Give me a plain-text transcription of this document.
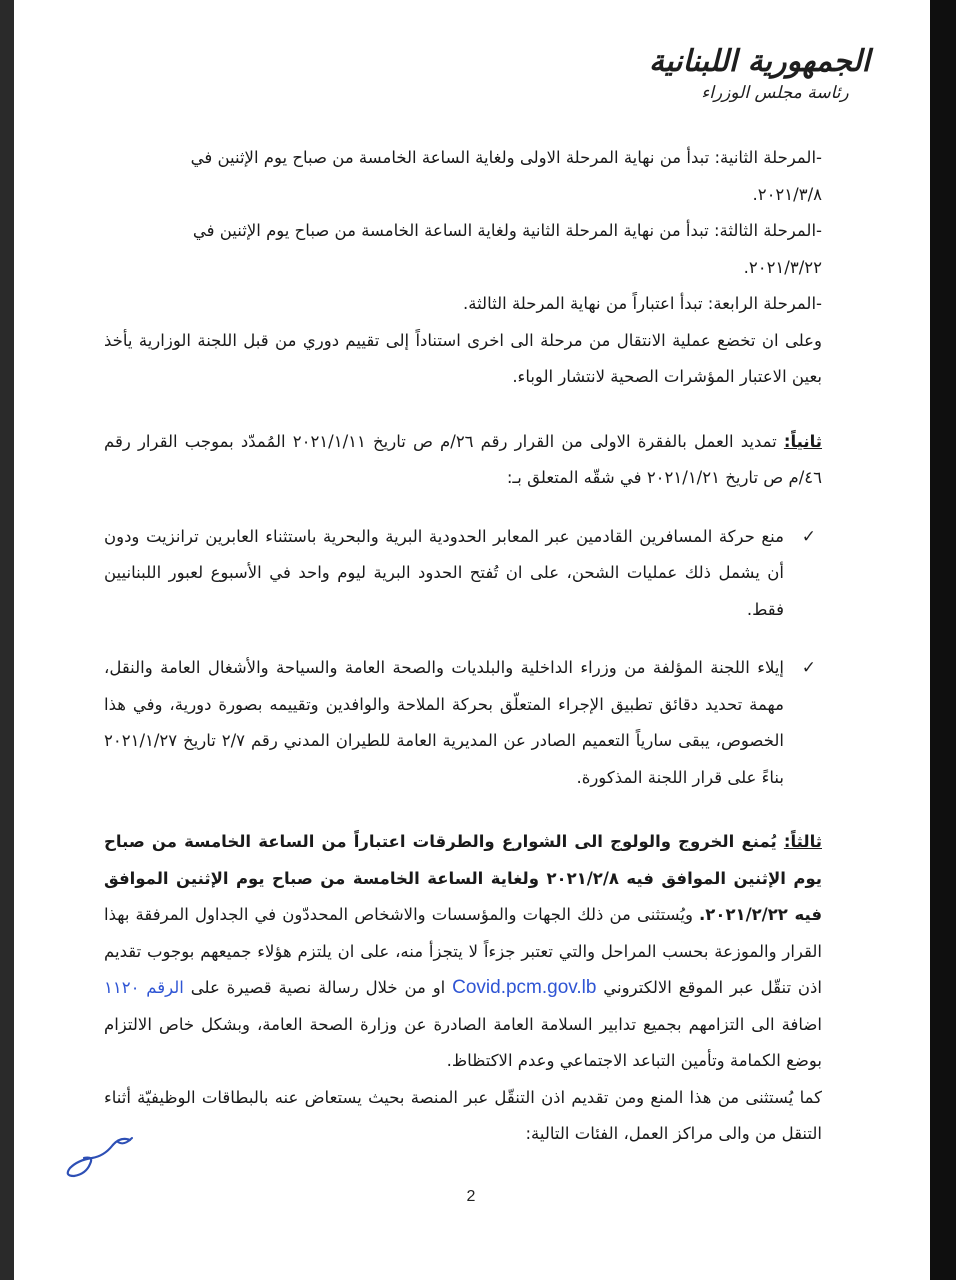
الجمهورية اللبنانية
رئاسة مجلس الوزراء

-المرحلة الثانية: تبدأ من نهاية المرحلة الاولى ولغاية الساعة الخامسة من صباح يوم الإثنين في

٢٠٢١/٣/٨.

-المرحلة الثالثة: تبدأ من نهاية المرحلة الثانية ولغاية الساعة الخامسة من صباح يوم الإثنين في

٢٠٢١/٣/٢٢.

-المرحلة الرابعة: تبدأ اعتباراً من نهاية المرحلة الثالثة.

وعلى ان تخضع عملية الانتقال من مرحلة الى اخرى استناداً إلى تقييم دوري من قبل اللجنة الوزارية يأخذ بعين الاعتبار المؤشرات الصحية لانتشار الوباء.

ثانياً: تمديد العمل بالفقرة الاولى من القرار رقم ٢٦/م ص تاريخ ٢٠٢١/١/١١ المُمدّد بموجب القرار رقم ٤٦/م ص تاريخ ٢٠٢١/١/٢١ في شقّه المتعلق بـ:

✓
منع حركة المسافرين القادمين عبر المعابر الحدودية البرية والبحرية باستثناء العابرين ترانزيت ودون أن يشمل ذلك عمليات الشحن، على ان تُفتح الحدود البرية ليوم واحد في الأسبوع لعبور اللبنانيين فقط.

✓
إيلاء اللجنة المؤلفة من وزراء الداخلية والبلديات والصحة العامة والسياحة والأشغال العامة والنقل، مهمة تحديد دقائق تطبيق الإجراء المتعلّق بحركة الملاحة والوافدين وتقييمه بصورة دورية، وفي هذا الخصوص، يبقى سارياً التعميم الصادر عن المديرية العامة للطيران المدني رقم ٢/٧ تاريخ ٢٠٢١/١/٢٧ بناءً على قرار اللجنة المذكورة.

ثالثاً: يُمنع الخروج والولوج الى الشوارع والطرقات اعتباراً من الساعة الخامسة من صباح يوم الإثنين الموافق فيه ٢٠٢١/٢/٨ ولغاية الساعة الخامسة من صباح يوم الإثنين الموافق فيه ٢٠٢١/٢/٢٢. ويُستثنى من ذلك الجهات والمؤسسات والاشخاص المحددّون في الجداول المرفقة بهذا القرار والموزعة بحسب المراحل والتي تعتبر جزءاً لا يتجزأ منه، على ان يلتزم هؤلاء جميعهم بوجوب تقديم اذن تنقّل عبر الموقع الالكتروني Covid.pcm.gov.lb او من خلال رسالة نصية قصيرة على الرقم ١١٢٠ اضافة الى التزامهم بجميع تدابير السلامة العامة الصادرة عن وزارة الصحة العامة، وبشكل خاص الالتزام بوضع الكمامة وتأمين التباعد الاجتماعي وعدم الاكتظاظ.

كما يُستثنى من هذا المنع ومن تقديم اذن التنقّل عبر المنصة بحيث يستعاض عنه بالبطاقات الوظيفيّة أثناء التنقل من والى مراكز العمل، الفئات التالية:

2
